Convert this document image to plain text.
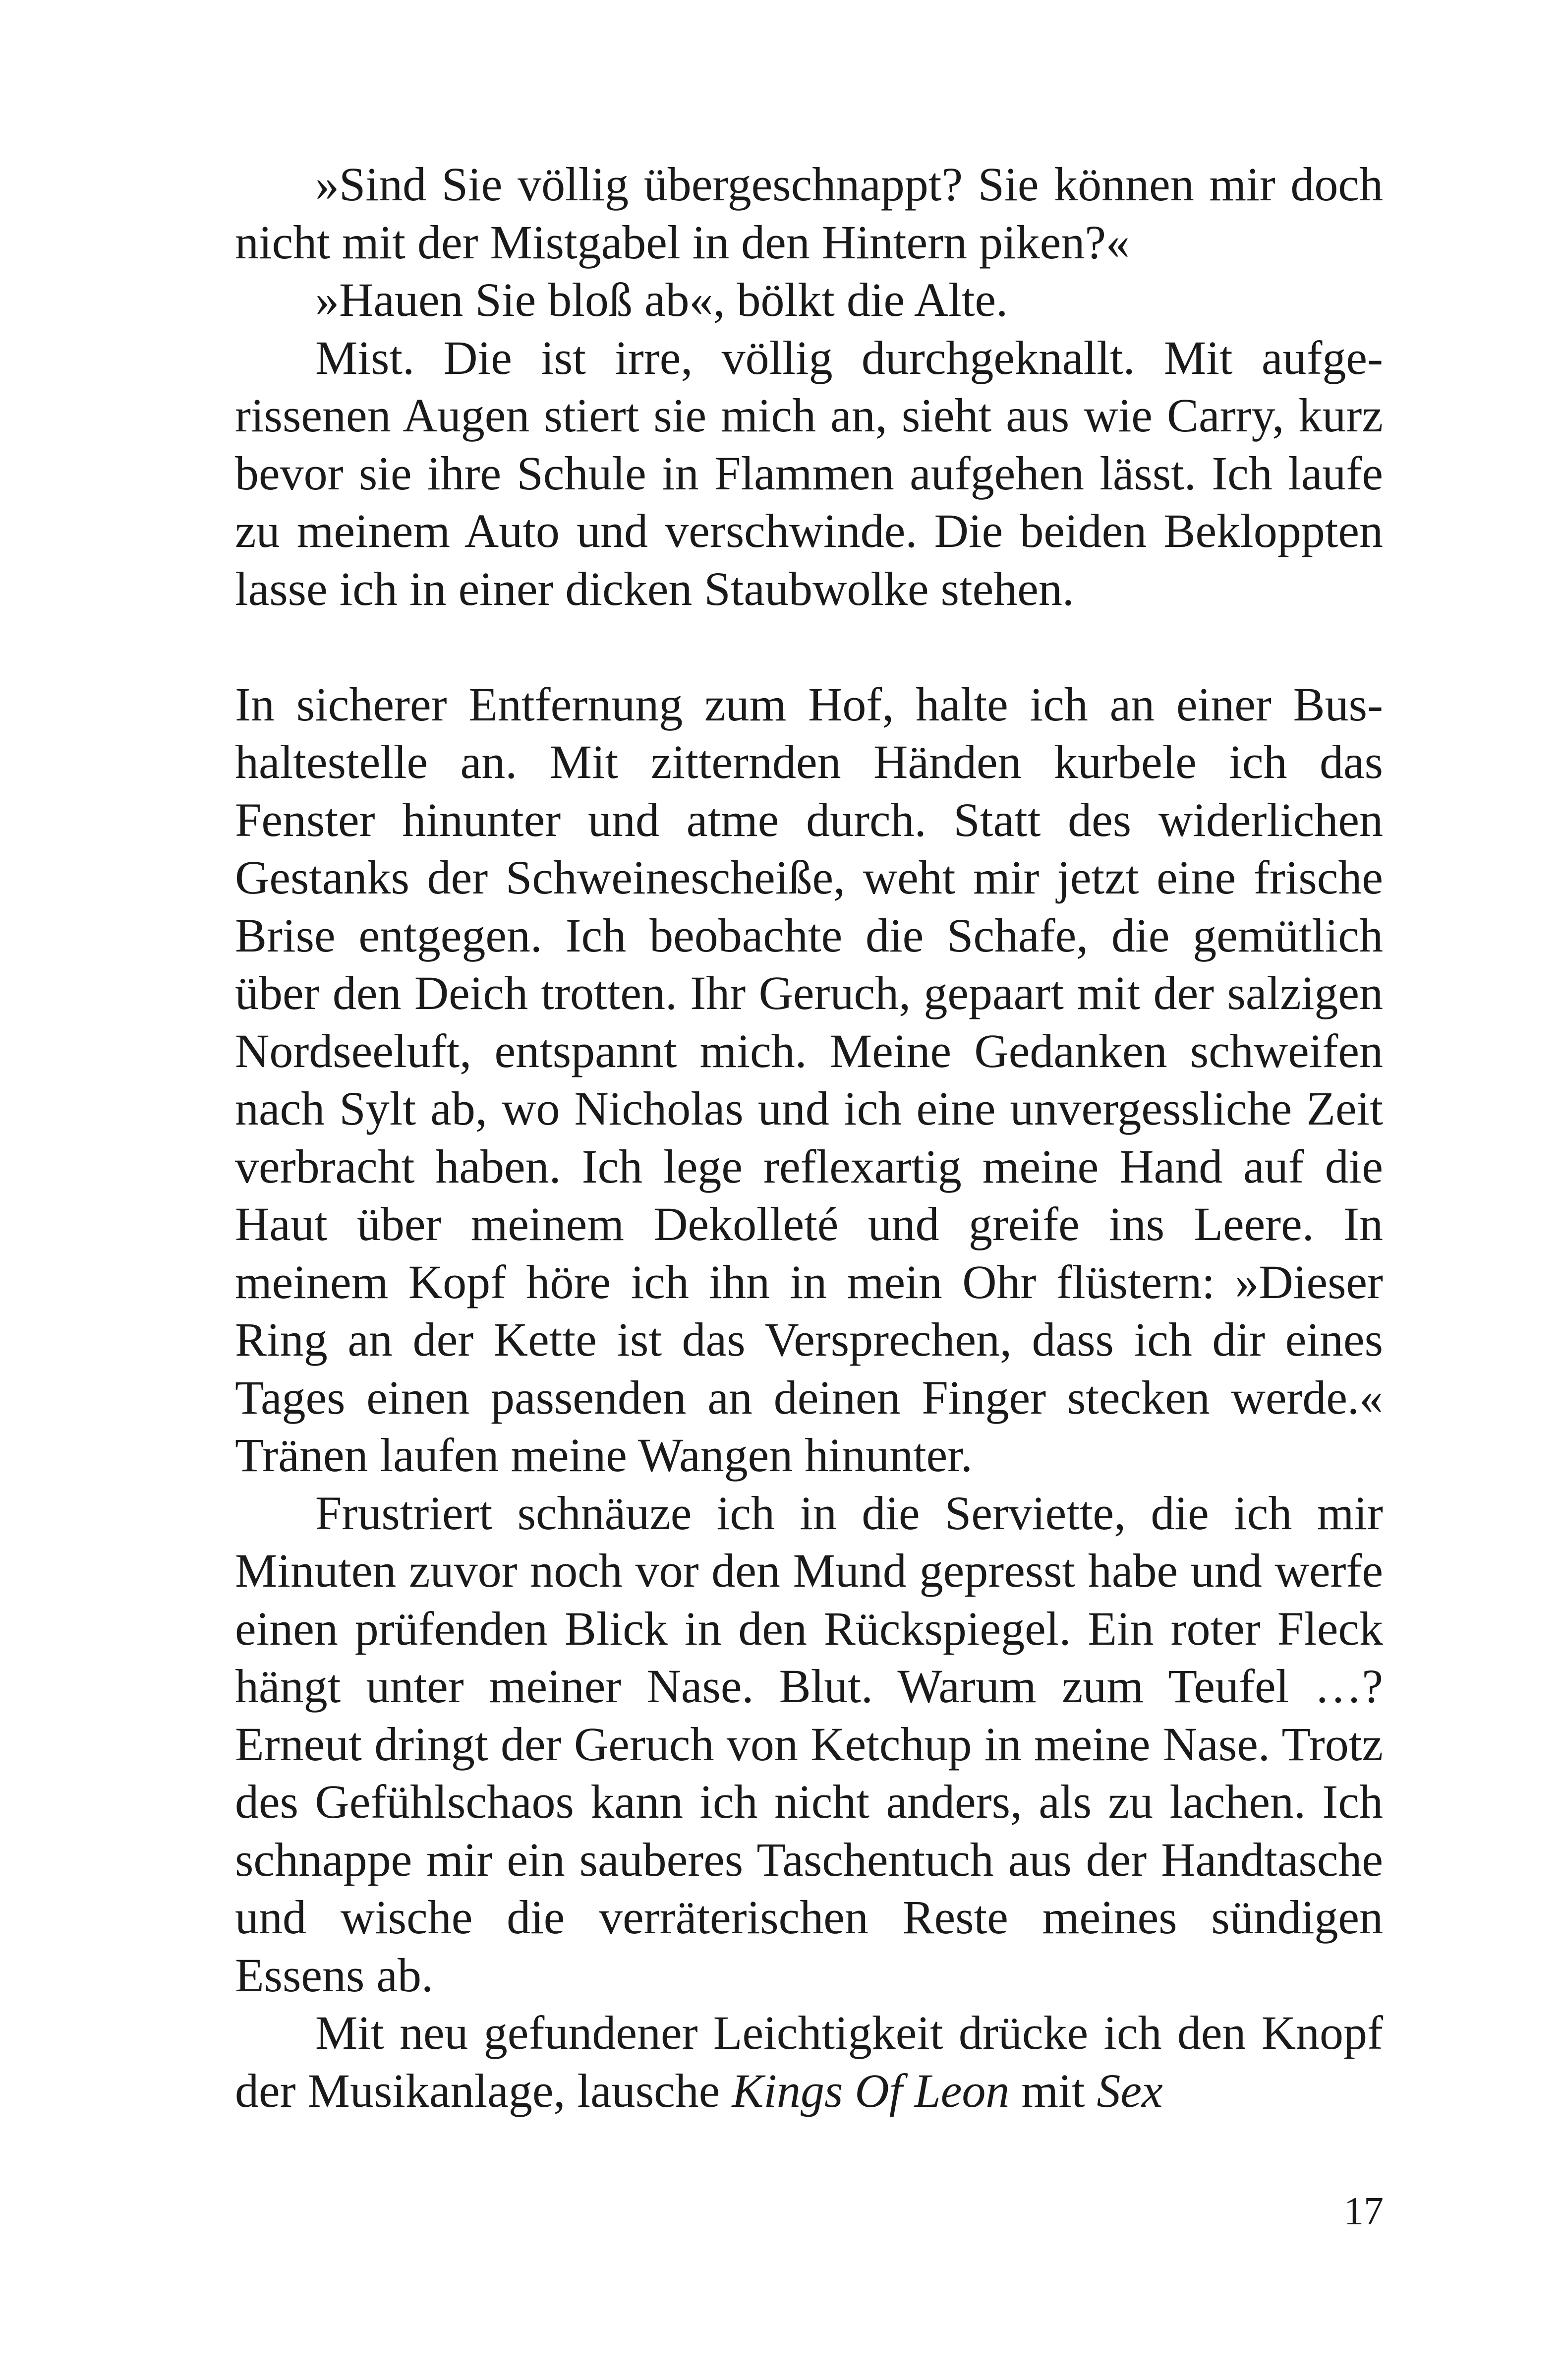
»Sind Sie völlig übergeschnappt? Sie können mir doch nicht mit der Mistgabel in den Hintern piken?«

»Hauen Sie bloß ab«, bölkt die Alte.

Mist. Die ist irre, völlig durchgeknallt. Mit aufgerissenen Augen stiert sie mich an, sieht aus wie Carry, kurz bevor sie ihre Schule in Flammen aufgehen lässt. Ich laufe zu meinem Auto und verschwinde. Die beiden Bekloppten lasse ich in einer dicken Staubwolke stehen.

In sicherer Entfernung zum Hof, halte ich an einer Bushaltestelle an. Mit zitternden Händen kurbele ich das Fenster hinunter und atme durch. Statt des widerlichen Gestanks der Schweinescheiße, weht mir jetzt eine frische Brise entgegen. Ich beobachte die Schafe, die gemütlich über den Deich trotten. Ihr Geruch, gepaart mit der salzigen Nordseeluft, entspannt mich. Meine Gedanken schweifen nach Sylt ab, wo Nicholas und ich eine unvergessliche Zeit verbracht haben. Ich lege reflexartig meine Hand auf die Haut über meinem Dekolleté und greife ins Leere. In meinem Kopf höre ich ihn in mein Ohr flüstern: »Dieser Ring an der Kette ist das Versprechen, dass ich dir eines Tages einen passenden an deinen Finger stecken werde.« Tränen laufen meine Wangen hinunter.

Frustriert schnäuze ich in die Serviette, die ich mir Minuten zuvor noch vor den Mund gepresst habe und werfe einen prüfenden Blick in den Rückspiegel. Ein roter Fleck hängt unter meiner Nase. Blut. Warum zum Teufel …? Erneut dringt der Geruch von Ketchup in meine Nase. Trotz des Gefühlschaos kann ich nicht anders, als zu lachen. Ich schnappe mir ein sauberes Taschentuch aus der Handtasche und wische die verräterischen Reste meines sündigen Essens ab.

Mit neu gefundener Leichtigkeit drücke ich den Knopf der Musikanlage, lausche Kings Of Leon mit Sex

17
